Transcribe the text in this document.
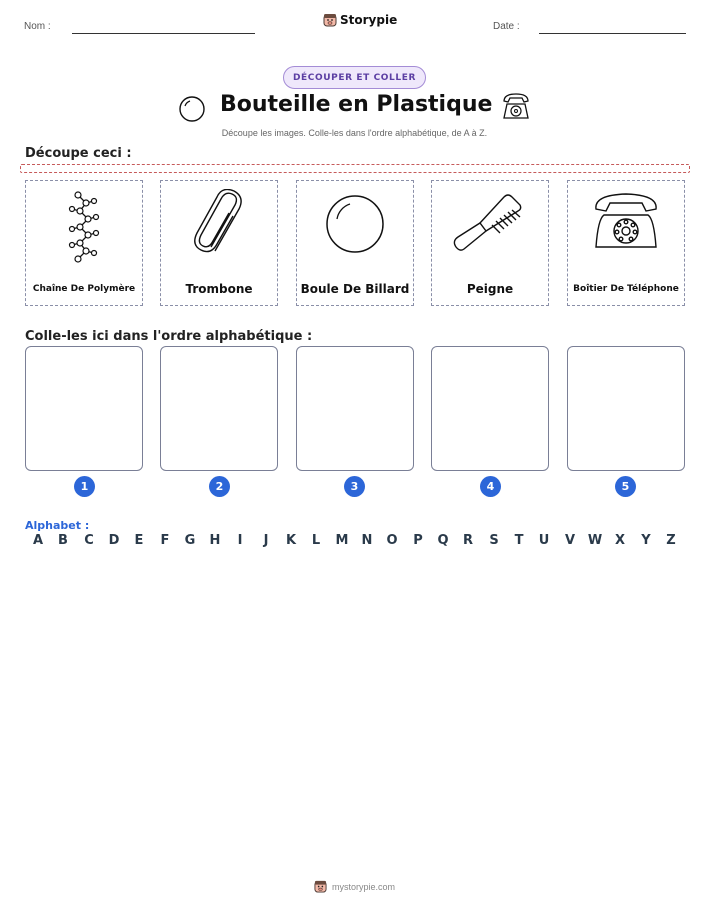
Nom :	Storypie	Date :
DÉCOUPER ET COLLER
Bouteille en Plastique
Découpe les images. Colle-les dans l'ordre alphabétique, de A à Z.
Découpe ceci :
Chaîne De Polymère	Trombone	Boule De Billard	Peigne	Boîtier De Téléphone
Colle-les ici dans l'ordre alphabétique :
1	2	3	4	5
Alphabet :
A	B	C	D	E	F	G	H	I	J	K	L	M	N	O	P	Q	R	S	T	U	V W X	Y	Z
mystorypie.com
